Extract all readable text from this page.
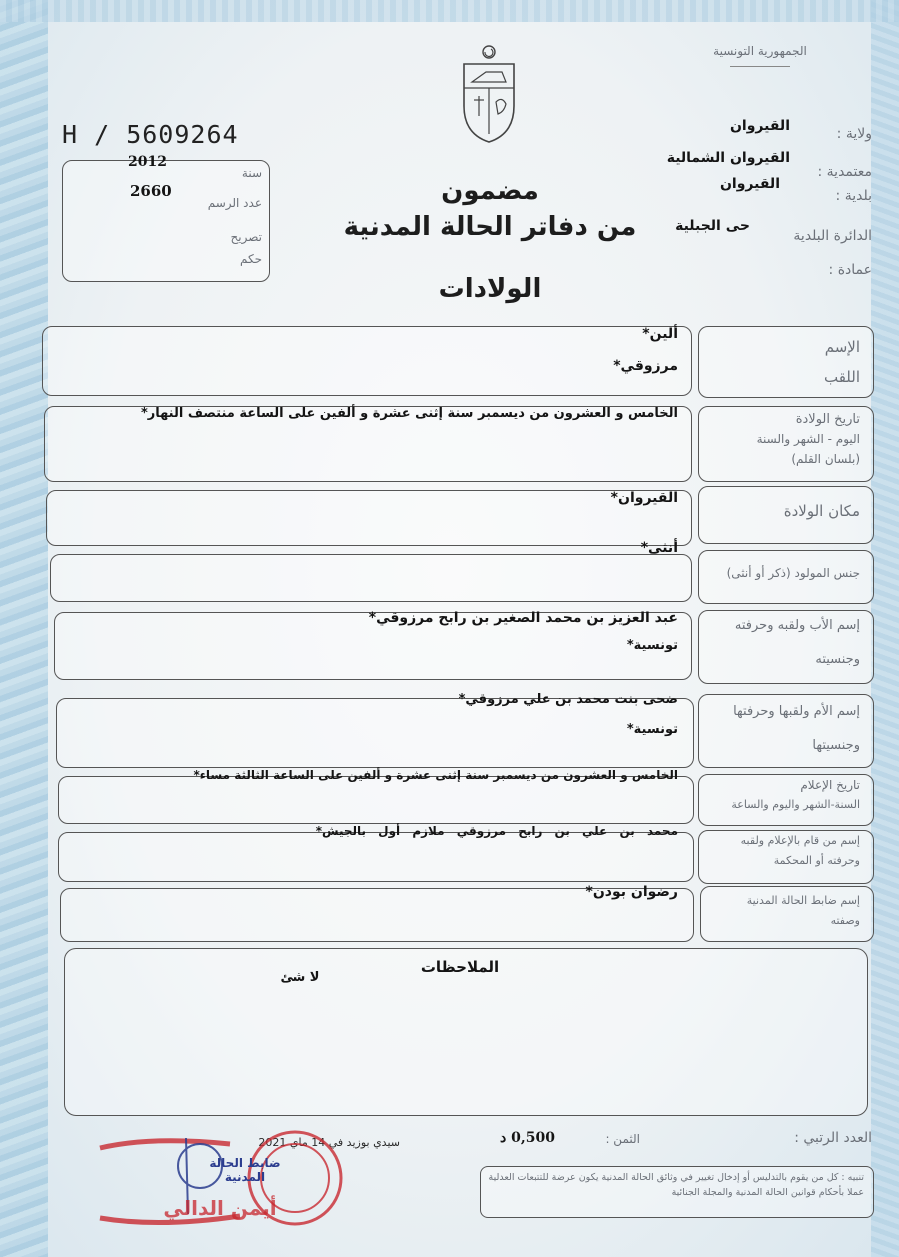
الجمهورية التونسية
H / 5609264
2012
2660
سنة
عدد الرسم
تصريح
حكم
مضمون
من دفاتر الحالة المدنية
الولادات
ولاية :
القيروان
معتمدية :
القيروان الشمالية
بلدية :
القيروان
الدائرة البلدية
حى الجبلية
عمادة :
الإسم
اللقب
ألين*
مرزوقي*
تاريخ الولادة
اليوم - الشهر والسنة
(بلسان القلم)
الخامس و العشرون من ديسمبر سنة إثنى عشرة و ألفين على الساعة منتصف النهار*
مكان الولادة
القيروان*
جنس المولود (ذكر أو أنثى)
أنثى*
إسم الأب ولقبه وحرفته
وجنسيته
عبد العزيز بن محمد الصغير بن رابح مرزوقي*
تونسية*
إسم الأم ولقبها وحرفتها
وجنسيتها
ضحى بنت محمد بن علي مرزوقي*
تونسية*
تاريخ الإعلام
السنة-الشهر واليوم والساعة
الخامس و العشرون من ديسمبر سنة إثنى عشرة و ألفين على الساعة الثالثة مساء*
إسم من قام بالإعلام ولقبه
وحرفته أو المحكمة
محمد بن علي بن رابح مرزوقي ملازم أول بالجيش*
إسم ضابط الحالة المدنية
وصفته
رضوان بودن*
الملاحظات
لا شئ
العدد الرتبي :
الثمن :
0,500 د
سيدي بوزيد في 14 ماي 2021
تنبيه : كل من يقوم بالتدليس أو إدخال تغيير في وثائق الحالة المدنية يكون عرضة للتتبعات العدلية عملا بأحكام قوانين الحالة المدنية والمجلة الجنائية
ضابط الحالة المدنية
أيمن الدالي
